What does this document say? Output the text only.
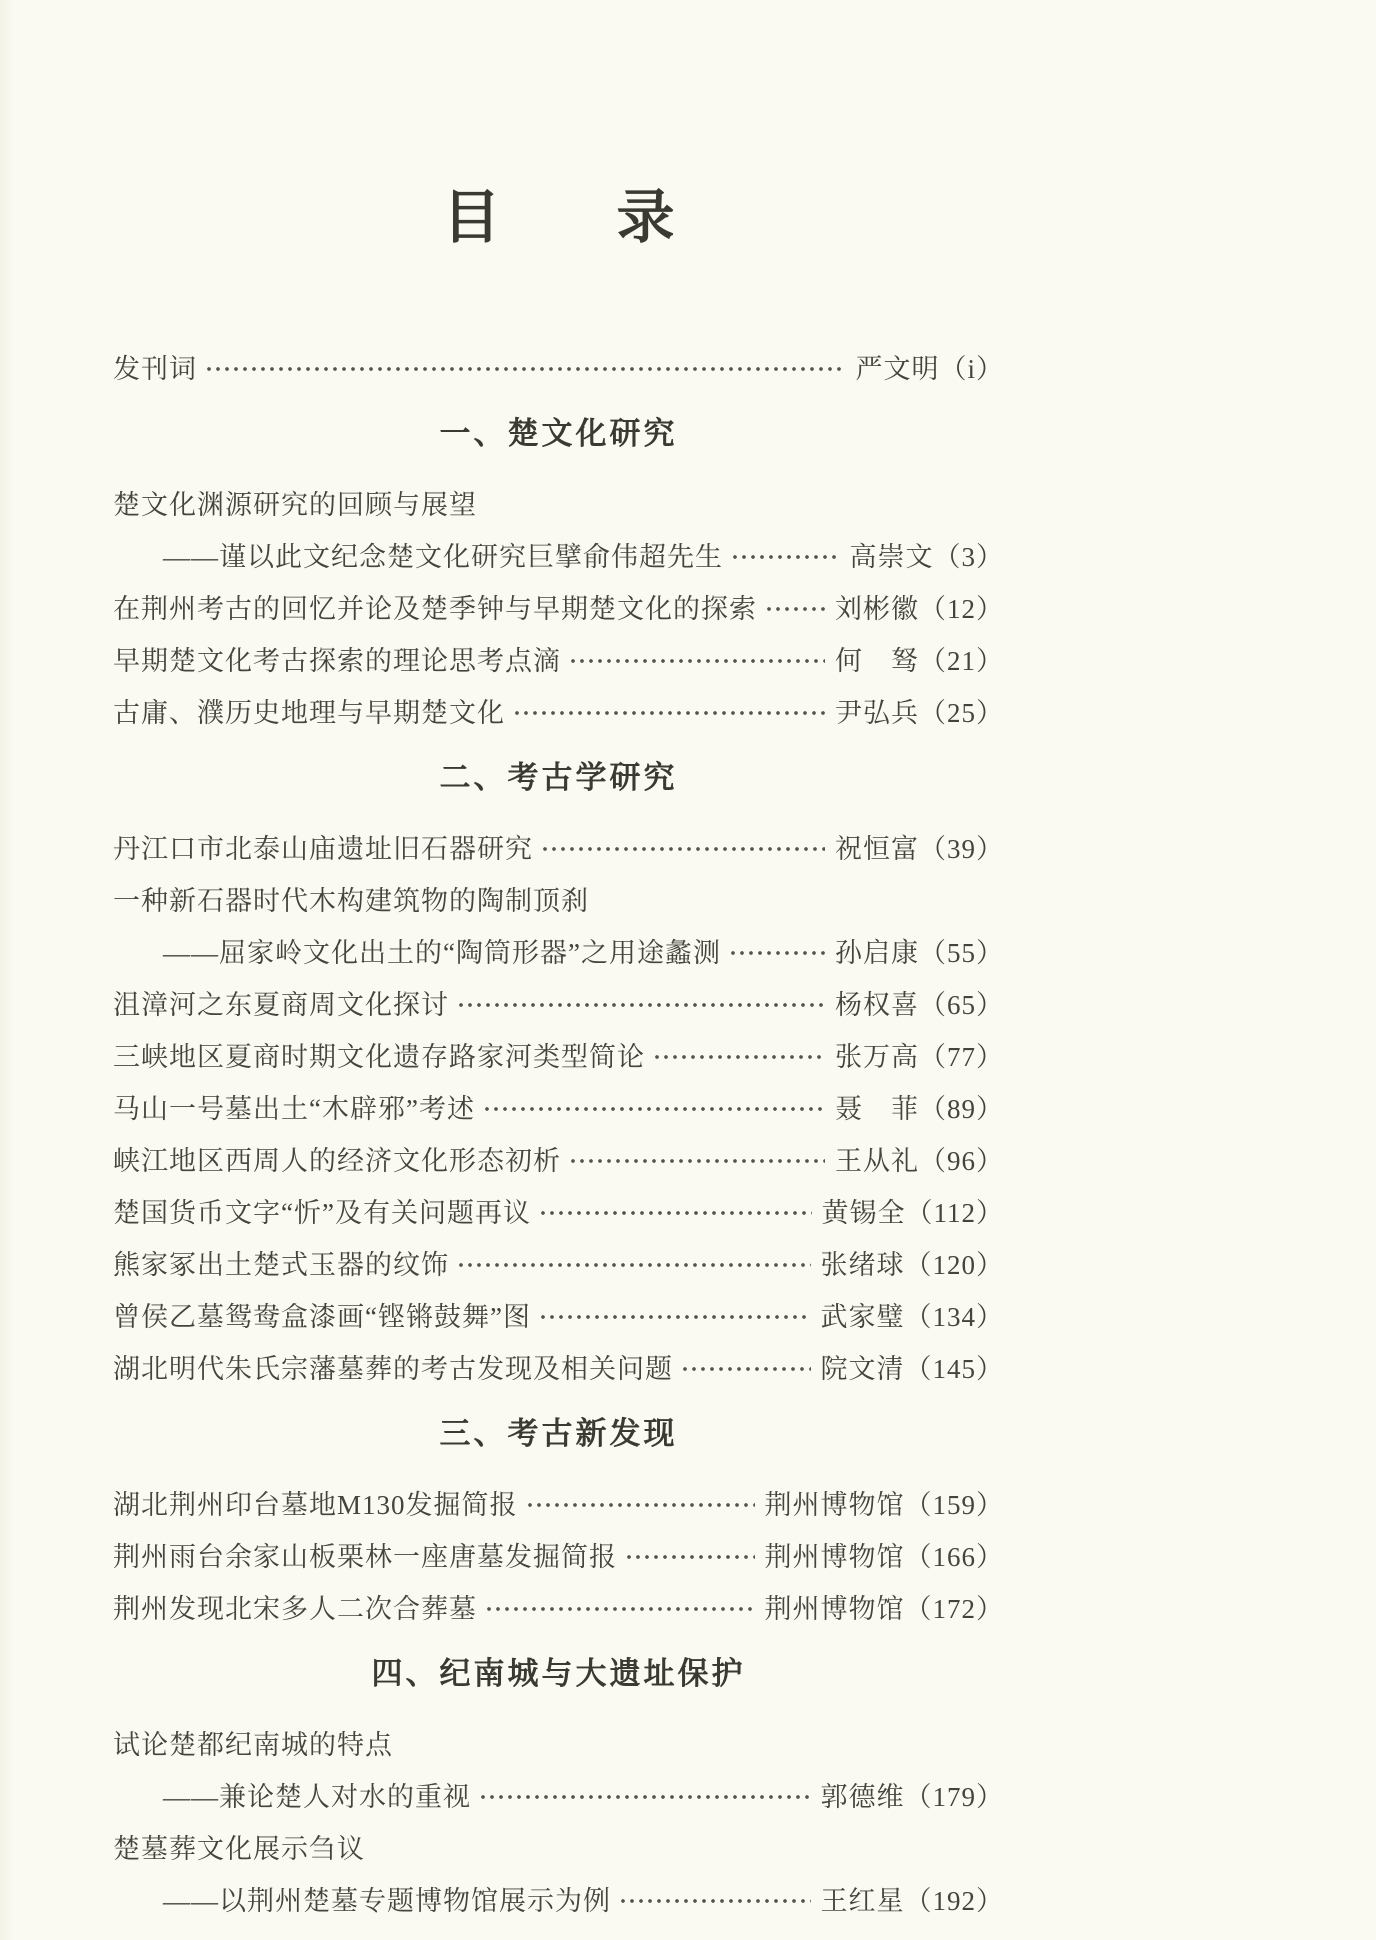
目　　录
发刊词	严文明 （i）
一、楚文化研究
楚文化渊源研究的回顾与展望
——谨以此文纪念楚文化研究巨擘俞伟超先生	高崇文 （3）
在荆州考古的回忆并论及楚季钟与早期楚文化的探索	刘彬徽 （12）
早期楚文化考古探索的理论思考点滴	何　驽 （21）
古庸、濮历史地理与早期楚文化	尹弘兵 （25）
二、考古学研究
丹江口市北泰山庙遗址旧石器研究	祝恒富 （39）
一种新石器时代木构建筑物的陶制顶刹
——屈家岭文化出土的“陶筒形器”之用途蠡测	孙启康 （55）
沮漳河之东夏商周文化探讨	杨权喜 （65）
三峡地区夏商时期文化遗存路家河类型简论	张万高 （77）
马山一号墓出土“木辟邪”考述	聂　菲 （89）
峡江地区西周人的经济文化形态初析	王从礼 （96）
楚国货币文字“忻”及有关问题再议	黄锡全 （112）
熊家冢出土楚式玉器的纹饰	张绪球 （120）
曾侯乙墓鸳鸯盒漆画“铿锵鼓舞”图	武家璧 （134）
湖北明代朱氏宗藩墓葬的考古发现及相关问题	院文清 （145）
三、考古新发现
湖北荆州印台墓地M130发掘简报	荆州博物馆 （159）
荆州雨台余家山板栗林一座唐墓发掘简报	荆州博物馆 （166）
荆州发现北宋多人二次合葬墓	荆州博物馆 （172）
四、纪南城与大遗址保护
试论楚都纪南城的特点
——兼论楚人对水的重视	郭德维 （179）
楚墓葬文化展示刍议
——以荆州楚墓专题博物馆展示为例	王红星 （192）
